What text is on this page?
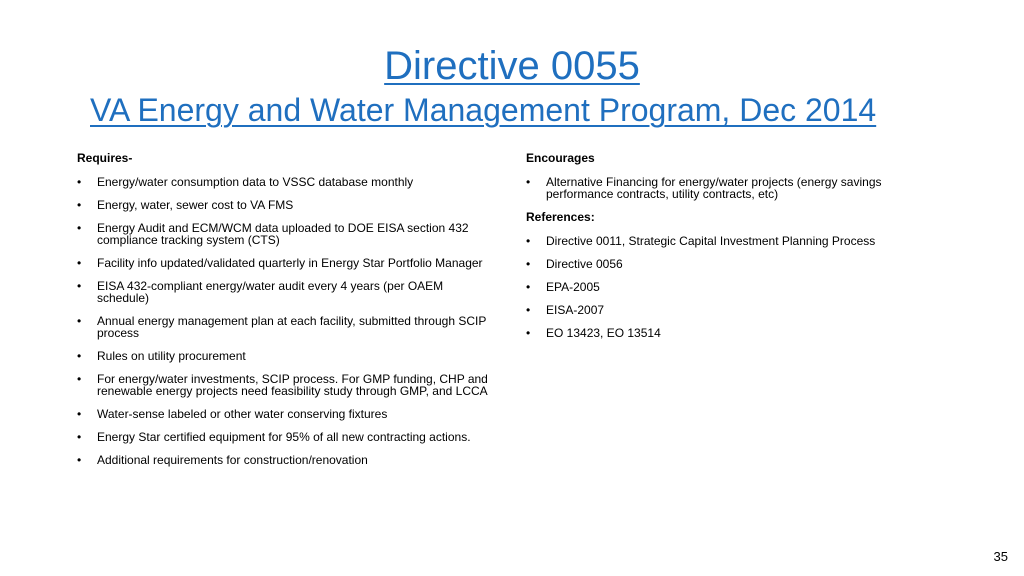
Directive 0055
VA Energy and Water Management Program, Dec 2014
Requires-
• Energy/water consumption data to VSSC database monthly
• Energy, water, sewer cost to VA FMS
• Energy Audit and ECM/WCM data uploaded to DOE EISA section 432 compliance tracking system (CTS)
• Facility info updated/validated quarterly in Energy Star Portfolio Manager
• EISA 432-compliant energy/water audit every 4 years (per OAEM schedule)
• Annual energy management plan at each facility, submitted through SCIP process
• Rules on utility procurement
• For energy/water investments, SCIP process. For GMP funding, CHP and renewable energy projects need feasibility study through GMP, and LCCA
• Water-sense labeled or other water conserving fixtures
• Energy Star certified equipment for 95% of all new contracting actions.
• Additional requirements for construction/renovation
Encourages
• Alternative Financing for energy/water projects (energy savings performance contracts, utility contracts, etc)
References:
• Directive 0011, Strategic Capital Investment Planning Process
• Directive 0056
• EPA-2005
• EISA-2007
• EO 13423, EO 13514
35
